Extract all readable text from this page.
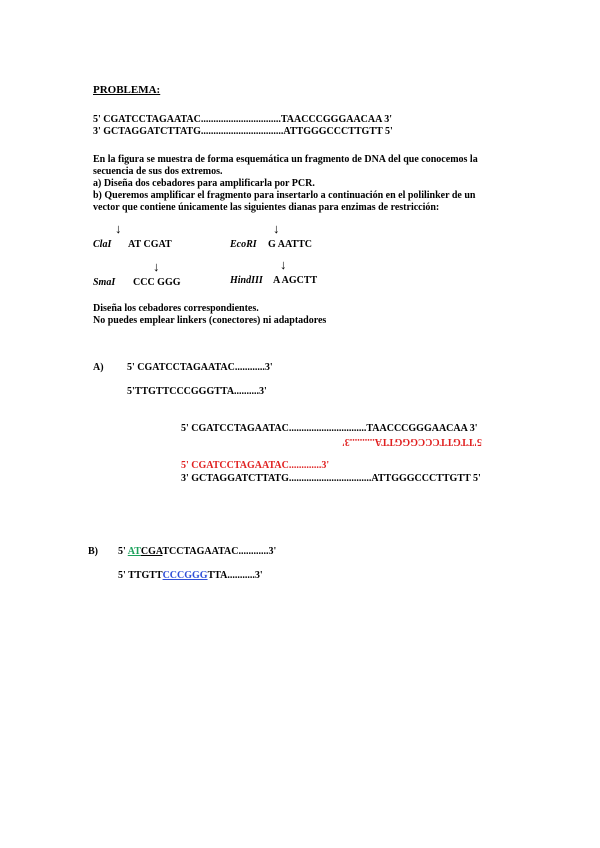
PROBLEMA:
5' CGATCCTAGAATAC................................TAACCCGGGAACAA 3'
3' GCTAGGATCTTATG.................................ATTGGGCCCTTGTT 5'
En la figura se muestra de forma esquemática un fragmento de DNA del que conocemos la
secuencia de sus dos extremos.
a) Diseña dos cebadores para amplificarla por PCR.
b) Queremos amplificar el fragmento para insertarlo a continuación en el polilinker de un
vector que contiene únicamente las siguientes dianas para enzimas de restricción:
↓
ClaI AT CGAT
↓
EcoRI G AATTC
↓
SmaI CCC GGG
↓
HindIII A AGCTT
Diseña los cebadores correspondientes.
No puedes emplear linkers (conectores) ni adaptadores
A) 5' CGATCCTAGAATAC............3'
5'TTGTTCCCGGGTTA..........3'
5' CGATCCTAGAATAC...............................TAACCCGGGAACAA 3'
5'TTGTTCCCGGGTTA..........3'
5' CGATCCTAGAATAC.............3'
3' GCTAGGATCTTATG.................................ATTGGGCCCTTGTT 5'
B) 5' ATCGATCCTAGAATAC............3'
5' TTGTTCCCGGGTTA...........3'
